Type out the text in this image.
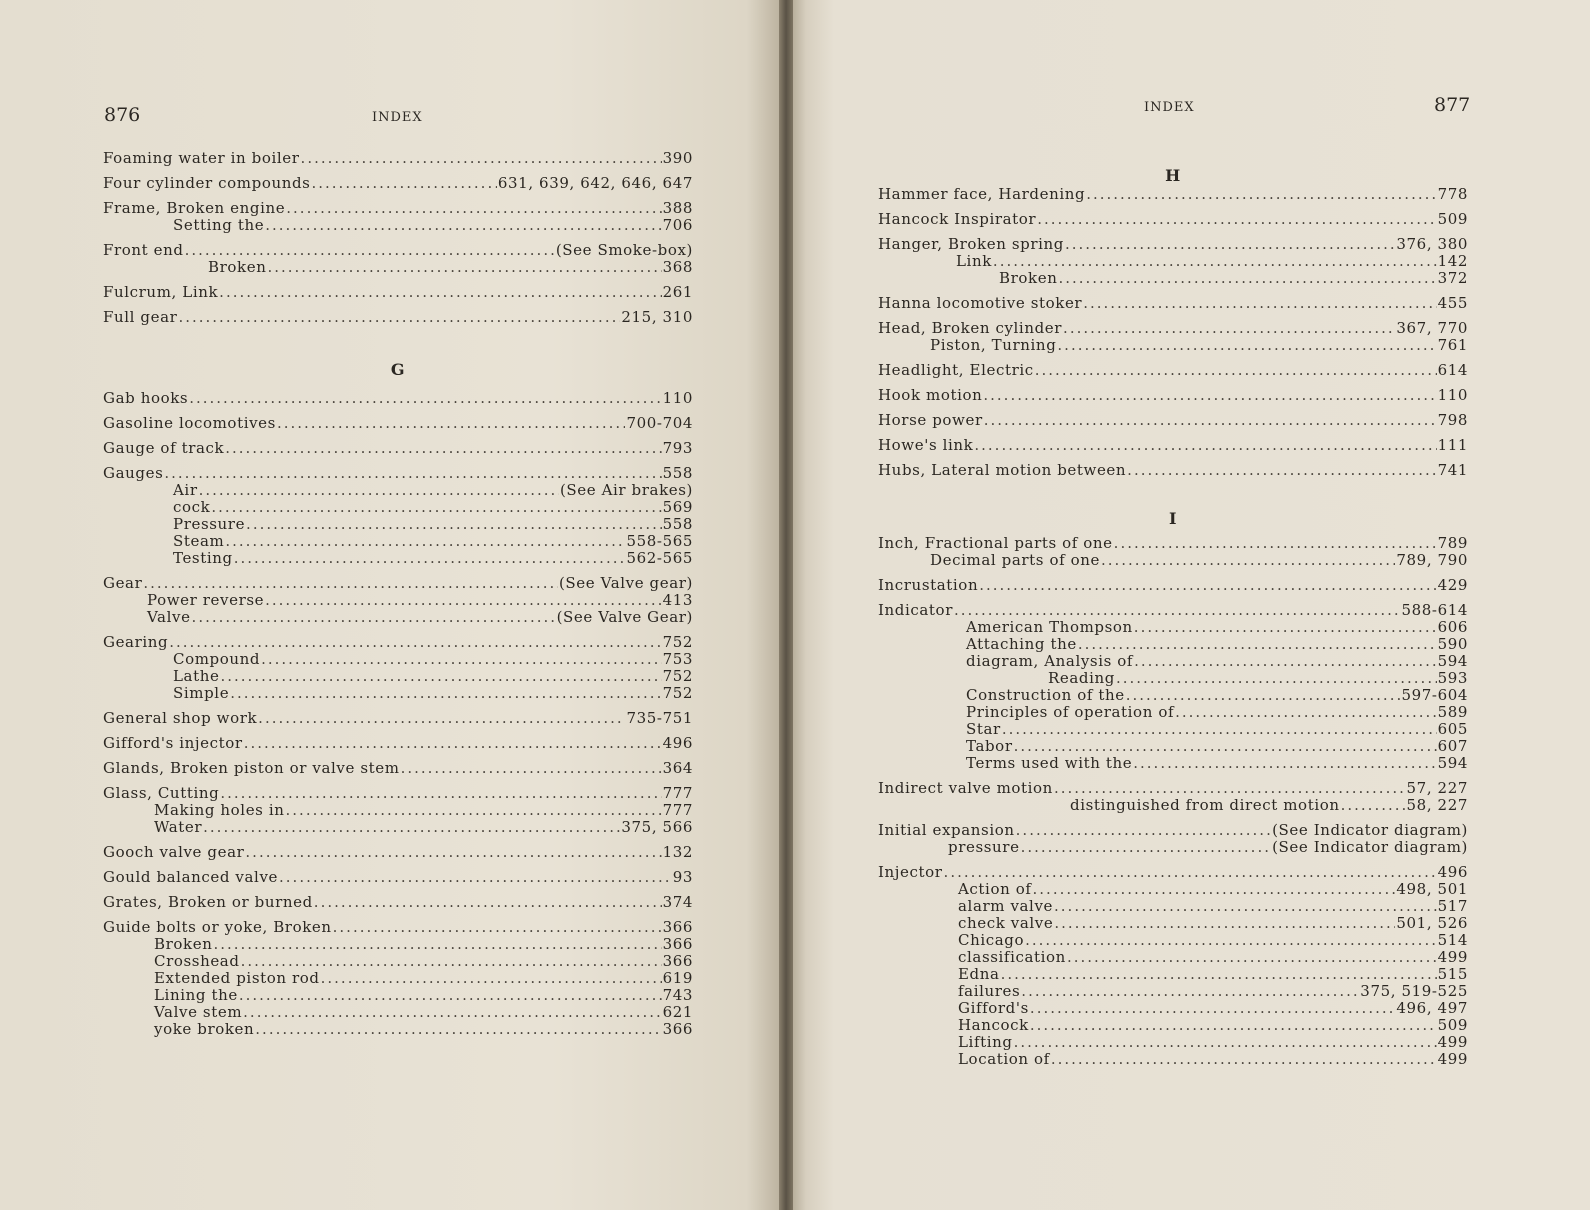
876	INDEX
Foaming water in boiler .....	390
Four cylinder compounds .....	631, 639, 642, 646, 647
Frame, Broken engine .....	388
Setting the .....	706
Front end .....	(See Smoke-box)
Broken .....	368
Fulcrum, Link .....	261
Full gear .....	215, 310
G
Gab hooks .....	110
Gasoline locomotives .....	700-704
Gauge of track .....	793
Gauges .....	558
Air .....	(See Air brakes)
cock .....	569
Pressure .....	558
Steam .....	558-565
Testing .....	562-565
Gear .....	(See Valve gear)
Power reverse .....	413
Valve .....	(See Valve Gear)
Gearing .....	752
Compound .....	753
Lathe .....	752
Simple .....	752
General shop work .....	735-751
Gifford's injector .....	496
Glands, Broken piston or valve stem .....	364
Glass, Cutting .....	777
Making holes in .....	777
Water .....	375, 566
Gooch valve gear .....	132
Gould balanced valve .....	93
Grates, Broken or burned .....	374
Guide bolts or yoke, Broken .....	366
Broken .....	366
Crosshead .....	366
Extended piston rod .....	619
Lining the .....	743
Valve stem .....	621
yoke broken .....	366
INDEX	877
H
Hammer face, Hardening .....	778
Hancock Inspirator .....	509
Hanger, Broken spring .....	376, 380
Link .....	142
Broken .....	372
Hanna locomotive stoker .....	455
Head, Broken cylinder .....	367, 770
Piston, Turning .....	761
Headlight, Electric .....	614
Hook motion .....	110
Horse power .....	798
Howe's link .....	111
Hubs, Lateral motion between .....	741
I
Inch, Fractional parts of one .....	789
Decimal parts of one .....	789, 790
Incrustation .....	429
Indicator .....	588-614
American Thompson .....	606
Attaching the .....	590
diagram, Analysis of .....	594
Reading .....	593
Construction of the .....	597-604
Principles of operation of .....	589
Star .....	605
Tabor .....	607
Terms used with the .....	594
Indirect valve motion .....	57, 227
distinguished from direct motion .....	58, 227
Initial expansion .....	(See Indicator diagram)
pressure .....	(See Indicator diagram)
Injector .....	496
Action of .....	498, 501
alarm valve .....	517
check valve .....	501, 526
Chicago .....	514
classification .....	499
Edna .....	515
failures .....	375, 519-525
Gifford's .....	496, 497
Hancock .....	509
Lifting .....	499
Location of .....	499
